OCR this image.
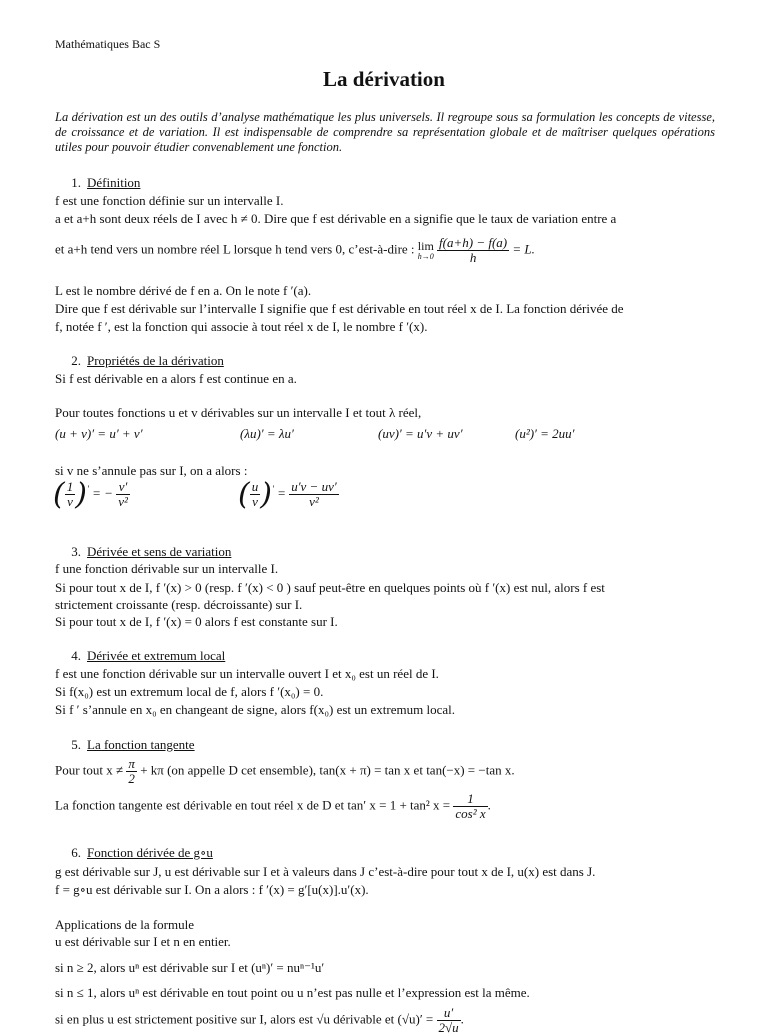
Mathématiques Bac S
La dérivation
La dérivation est un des outils d’analyse mathématique les plus universels. Il regroupe sous sa formulation les concepts de vitesse, de croissance et de variation. Il est indispensable de comprendre sa représentation globale et de maîtriser quelques opérations utiles pour pouvoir étudier convenablement une fonction.
1. Définition
f est une fonction définie sur un intervalle I.
a et a+h sont deux réels de I avec h ≠ 0. Dire que f est dérivable en a signifie que le taux de variation entre a
et a+h tend vers un nombre réel L lorsque h tend vers 0, c’est-à-dire : lim
h→0
$\frac{f(a+h) - f(a)}{h} = L$.
L est le nombre dérivé de f en a. On le note f ′(a).
Dire que f est dérivable sur l’intervalle I signifie que f est dérivable en tout réel x de I. La fonction dérivée de
f, notée f ′, est la fonction qui associe à tout réel x de I, le nombre f ′(x).
2. Propriétés de la dérivation
Si f est dérivable en a alors f est continue en a.
Pour toutes fonctions u et v dérivables sur un intervalle I et tout λ réel,
(u + v)′ = u′ + v′	(λu)′ = λu′	(uv)′ = u′v + uv′	(u²)′ = 2uu′
si v ne s’annule pas sur I, on a alors :
( $\frac{1}{v} )'$ = − $\frac{v'}{\text{v²}}$	( $\frac{u}{v} )' = \frac{u'v - uv'}{\text{v²}}$
3. Dérivée et sens de variation
f une fonction dérivable sur un intervalle I.
Si pour tout x de I, f ′(x) > 0 (resp. f ′(x) < 0 ) sauf peut-être en quelques points où f ′(x) est nul, alors f est
strictement croissante (resp. décroissante) sur I.
Si pour tout x de I, f ′(x) = 0 alors f est constante sur I.
4. Dérivée et extremum local
f est une fonction dérivable sur un intervalle ouvert I et x₀ est un réel de I.
Si f(x₀) est un extremum local de f, alors f ′(x₀) = 0.
Si f ′ s’annule en x₀ en changeant de signe, alors f(x₀) est un extremum local.
5. La fonction tangente
Pour tout $x \ne \frac{\pi}{2} + k\pi$ (on appelle D cet ensemble), tan(x + π) = tan x et tan(−x) = −tan x.
La fonction tangente est dérivable en tout réel x de D et tan′ x = 1 + tan² $x = \frac{1}{\text{cos² x}}$ .
6. Fonction dérivée de g∘u
g est dérivable sur J, u est dérivable sur I et à valeurs dans J c’est-à-dire pour tout x de I, u(x) est dans J.
f = g∘u est dérivable sur I. On a alors : f ′(x) = g′[u(x)].u′(x).
Applications de la formule
u est dérivable sur I et n en entier.
si n ≥ 2, alors uⁿ est dérivable sur I et (uⁿ)′ = nuⁿ⁻¹u′
si n ≤ 1, alors uⁿ est dérivable en tout point ou u n’est pas nulle et l’expression est la même.
si en plus u est strictement positive sur I, alors est √u dérivable et $(√u)' = \frac{u'}{2√u}$ .
